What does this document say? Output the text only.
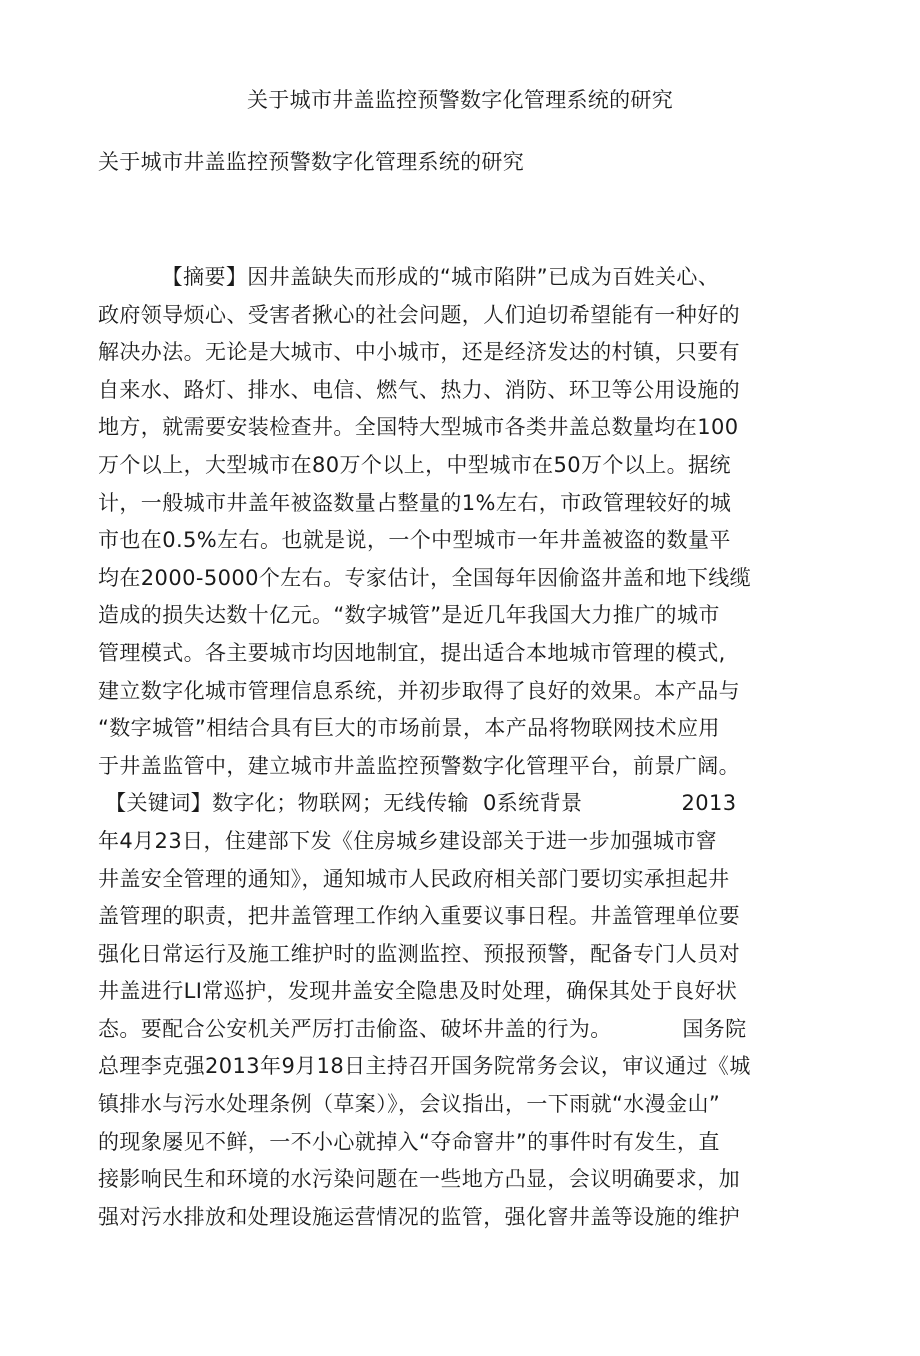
关于城市井盖监控预警数字化管理系统的研究
关于城市井盖监控预警数字化管理系统的研究
【摘要】因井盖缺失而形成的“城市陷阱”已成为百姓关心、
政府领导烦心、受害者揪心的社会问题，人们迫切希望能有一种好的
解决办法。无论是大城市、中小城市，还是经济发达的村镇，只要有
自来水、路灯、排水、电信、燃气、热力、消防、环卫等公用设施的
地方，就需要安装检查井。全国特大型城市各类井盖总数量均在100
万个以上，大型城市在80万个以上，中型城市在50万个以上。据统
计，一般城市井盖年被盗数量占整量的1%左右，市政管理较好的城
市也在0.5%左右。也就是说，一个中型城市一年井盖被盗的数量平
均在2000-5000个左右。专家估计，全国每年因偷盗井盖和地下线缆
造成的损失达数十亿元。“数字城管”是近几年我国大力推广的城市
管理模式。各主要城市均因地制宜，提出适合本地城市管理的模式,
建立数字化城市管理信息系统，并初步取得了良好的效果。本产品与
“数字城管”相结合具有巨大的市场前景，本产品将物联网技术应用
于井盖监管中，建立城市井盖监控预警数字化管理平台，前景广阔。
【关键词】数字化；物联网；无线传输  0系统背景              2013
年4月23日，住建部下发《住房城乡建设部关于进一步加强城市窨
井盖安全管理的通知》，通知城市人民政府相关部门要切实承担起井
盖管理的职责，把井盖管理工作纳入重要议事日程。井盖管理单位要
强化日常运行及施工维护时的监测监控、预报预警，配备专门人员对
井盖进行LI常巡护，发现井盖安全隐患及时处理，确保其处于良好状
态。要配合公安机关严厉打击偷盗、破坏井盖的行为。          国务院
总理李克强2013年9月18日主持召开国务院常务会议，审议通过《城
镇排水与污水处理条例（草案）》，会议指出，一下雨就“水漫金山”
的现象屡见不鲜，一不小心就掉入“夺命窨井”的事件时有发生，直
接影响民生和环境的水污染问题在一些地方凸显，会议明确要求，加
强对污水排放和处理设施运营情况的监管，强化窨井盖等设施的维护
